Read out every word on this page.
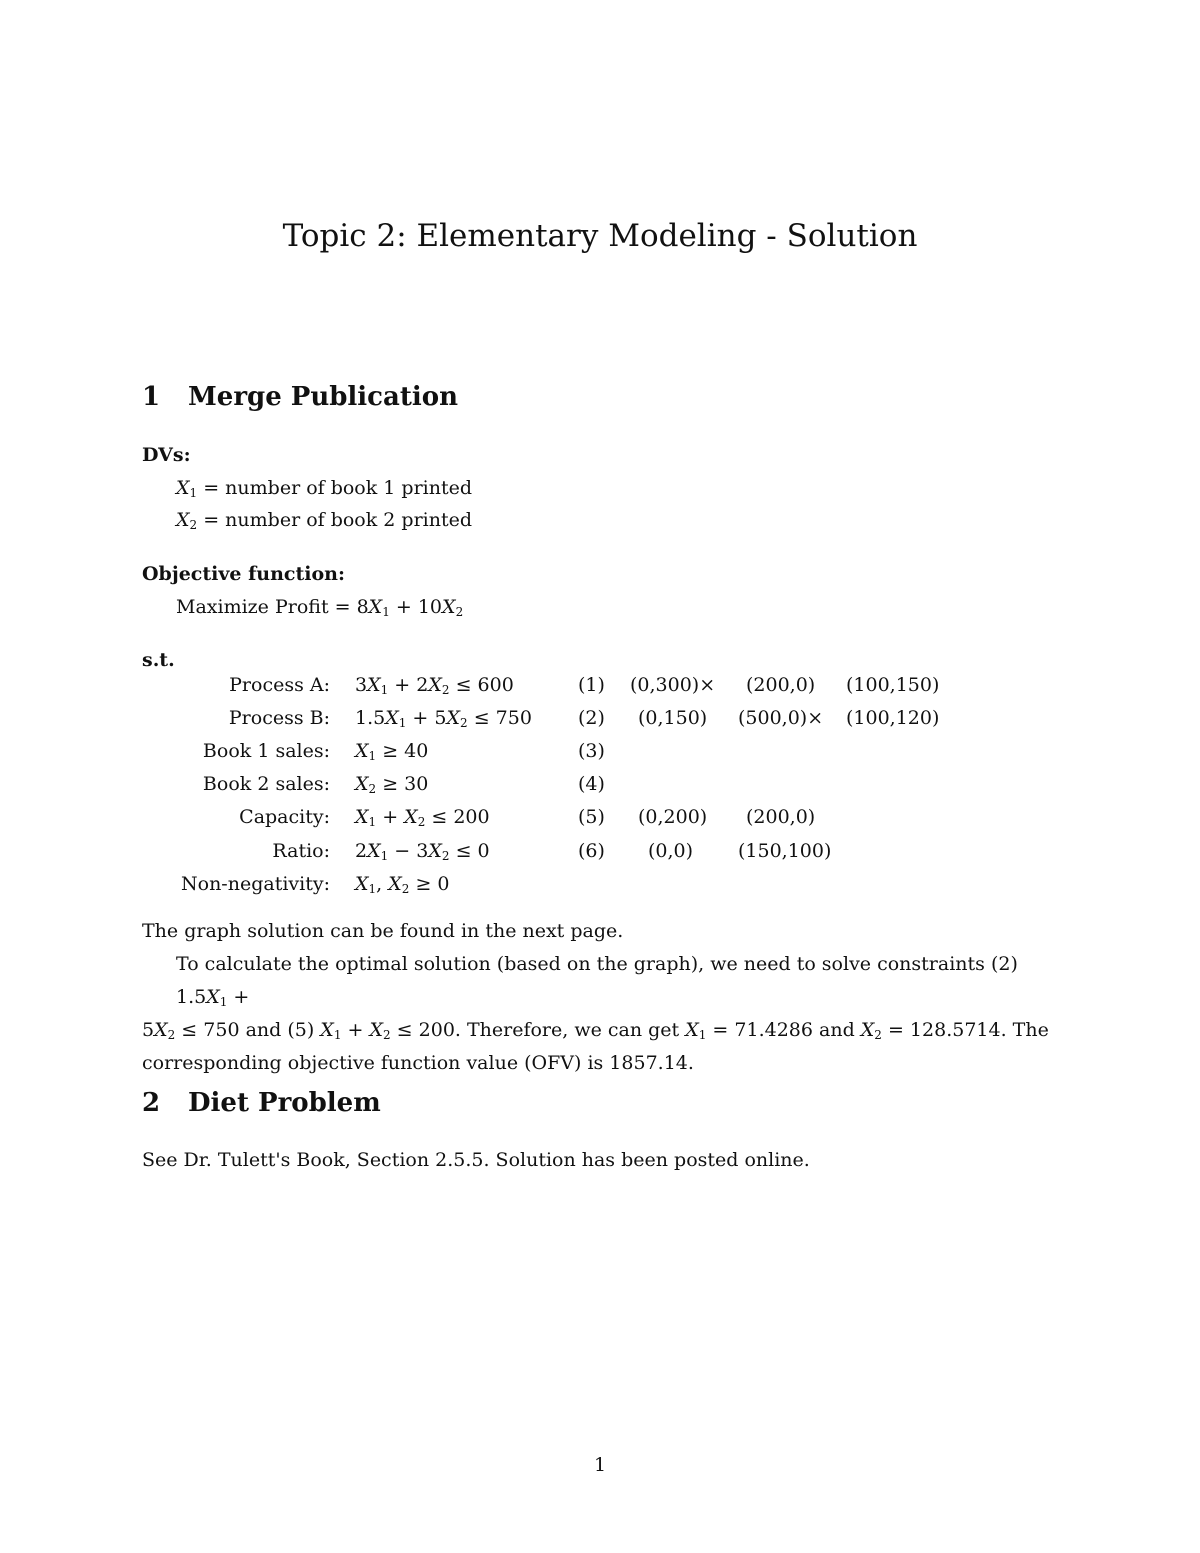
Topic 2: Elementary Modeling - Solution
1 Merge Publication
DVs:
$X_1$ = number of book 1 printed
$X_2$ = number of book 2 printed
Objective function:
Maximize Profit = $8X_1 + 10X_2$
s.t.
Process A: $3X_1 + 2X_2 \le 600$	(1) (0,300)× (200,0) (100,150)
Process B: $1.5X_1 + 5X_2 \le 750$ (2) (0,150) (500,0)× (100,120)
Book 1 sales: $X_1 \ge 40$	(3)
Book 2 sales: $X_2 \ge 30$	(4)
Capacity: $X_1 + X_2 \le 200$	(5) (0,200) (200,0)
Ratio: $2X_1 - 3X_2 \le 0$	(6) (0,0) (150,100)
Non-negativity: $X_1$, $X_2 \ge 0$
The graph solution can be found in the next page.
To calculate the optimal solution (based on the graph), we need to solve constraints (2) $1.5X_1$ +
$5X_2 \le 750$ and (5) $X_1 + X_2 \le 200$. Therefore, we can get $X_1 = 71.4286$ and $X_2 = 128.5714$. The
corresponding objective function value (OFV) is 1857.14.
2 Diet Problem
See Dr. Tulett's Book, Section 2.5.5. Solution has been posted online.
1
